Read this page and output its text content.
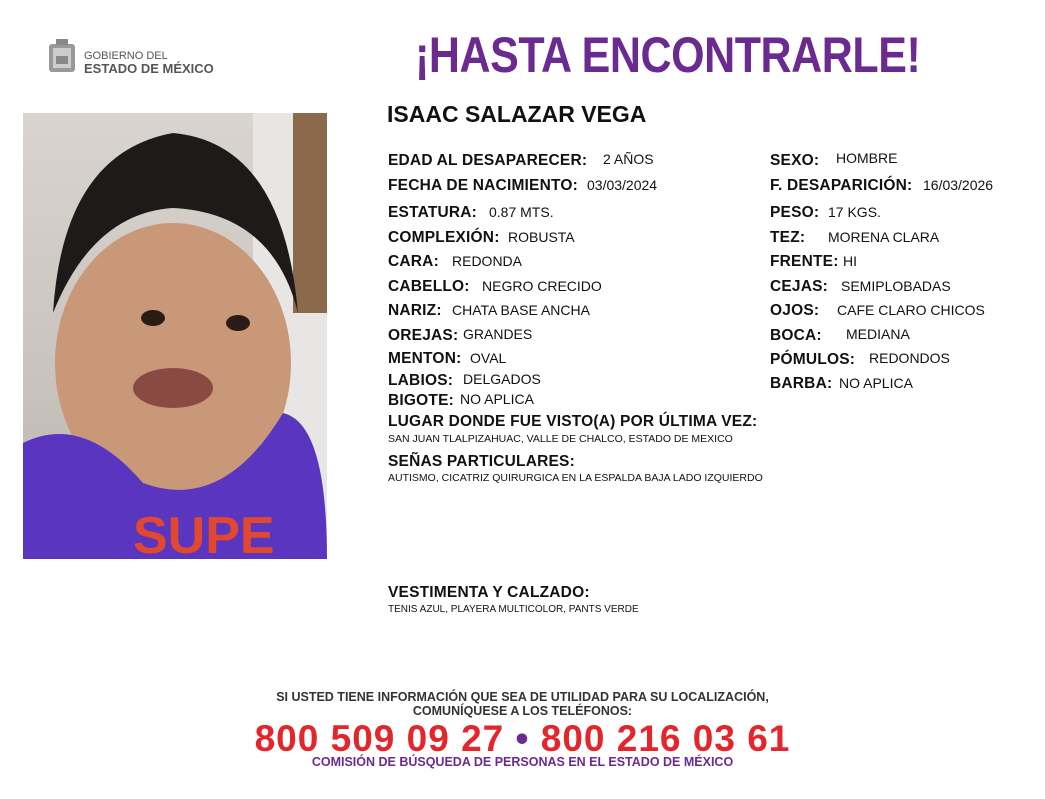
GOBIERNO DEL
ESTADO DE MÉXICO	¡HASTA ENCONTRARLE!
SUPE
ISAAC SALAZAR VEGA
EDAD AL DESAPARECER: 2 AÑOS
FECHA DE NACIMIENTO: 03/03/2024
ESTATURA: 0.87 MTS.
COMPLEXIÓN: ROBUSTA
CARA: REDONDA
CABELLO: NEGRO CRECIDO
NARIZ: CHATA BASE ANCHA
OREJAS: GRANDES
MENTON: OVAL
LABIOS: DELGADOS
BIGOTE: NO APLICA
SEXO: HOMBRE
F. DESAPARICIÓN: 16/03/2026
PESO: 17 KGS.
TEZ: MORENA CLARA
FRENTE: HI
CEJAS: SEMIPLOBADAS
OJOS: CAFE CLARO CHICOS
BOCA: MEDIANA
PÓMULOS: REDONDOS
BARBA: NO APLICA
LUGAR DONDE FUE VISTO(A) POR ÚLTIMA VEZ:
SAN JUAN TLALPIZAHUAC, VALLE DE CHALCO, ESTADO DE MEXICO
SEÑAS PARTICULARES:
AUTISMO, CICATRIZ QUIRURGICA EN LA ESPALDA BAJA LADO IZQUIERDO
VESTIMENTA Y CALZADO:
TENIS AZUL, PLAYERA MULTICOLOR, PANTS VERDE
SI USTED TIENE INFORMACIÓN QUE SEA DE UTILIDAD PARA SU LOCALIZACIÓN,
COMUNÍQUESE A LOS TELÉFONOS:
800 509 09 27 • 800 216 03 61
COMISIÓN DE BÚSQUEDA DE PERSONAS EN EL ESTADO DE MÉXICO
